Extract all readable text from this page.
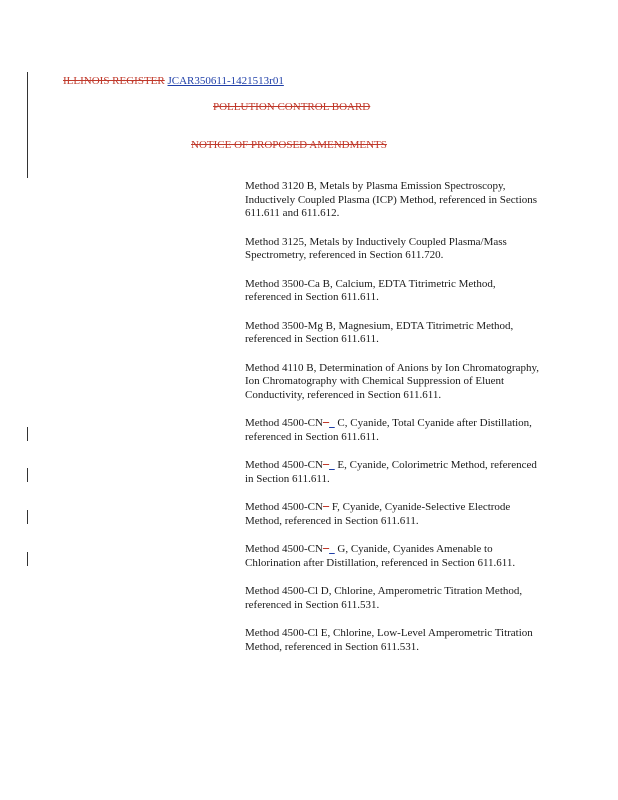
ILLINOIS REGISTER JCAR350611-1421513r01
POLLUTION CONTROL BOARD
NOTICE OF PROPOSED AMENDMENTS

Method 3120 B, Metals by Plasma Emission Spectroscopy, Inductively Coupled Plasma (ICP) Method, referenced in Sections 611.611 and 611.612.

Method 3125, Metals by Inductively Coupled Plasma/Mass Spectrometry, referenced in Section 611.720.

Method 3500-Ca B, Calcium, EDTA Titrimetric Method, referenced in Section 611.611.

Method 3500-Mg B, Magnesium, EDTA Titrimetric Method, referenced in Section 611.611.

Method 4110 B, Determination of Anions by Ion Chromatography, Ion Chromatography with Chemical Suppression of Eluent Conductivity, referenced in Section 611.611.

Method 4500-CN−_ C, Cyanide, Total Cyanide after Distillation, referenced in Section 611.611.

Method 4500-CN−_ E, Cyanide, Colorimetric Method, referenced in Section 611.611.

Method 4500-CN− F, Cyanide, Cyanide-Selective Electrode Method, referenced in Section 611.611.

Method 4500-CN−_ G, Cyanide, Cyanides Amenable to Chlorination after Distillation, referenced in Section 611.611.

Method 4500-Cl D, Chlorine, Amperometric Titration Method, referenced in Section 611.531.

Method 4500-Cl E, Chlorine, Low-Level Amperometric Titration Method, referenced in Section 611.531.
